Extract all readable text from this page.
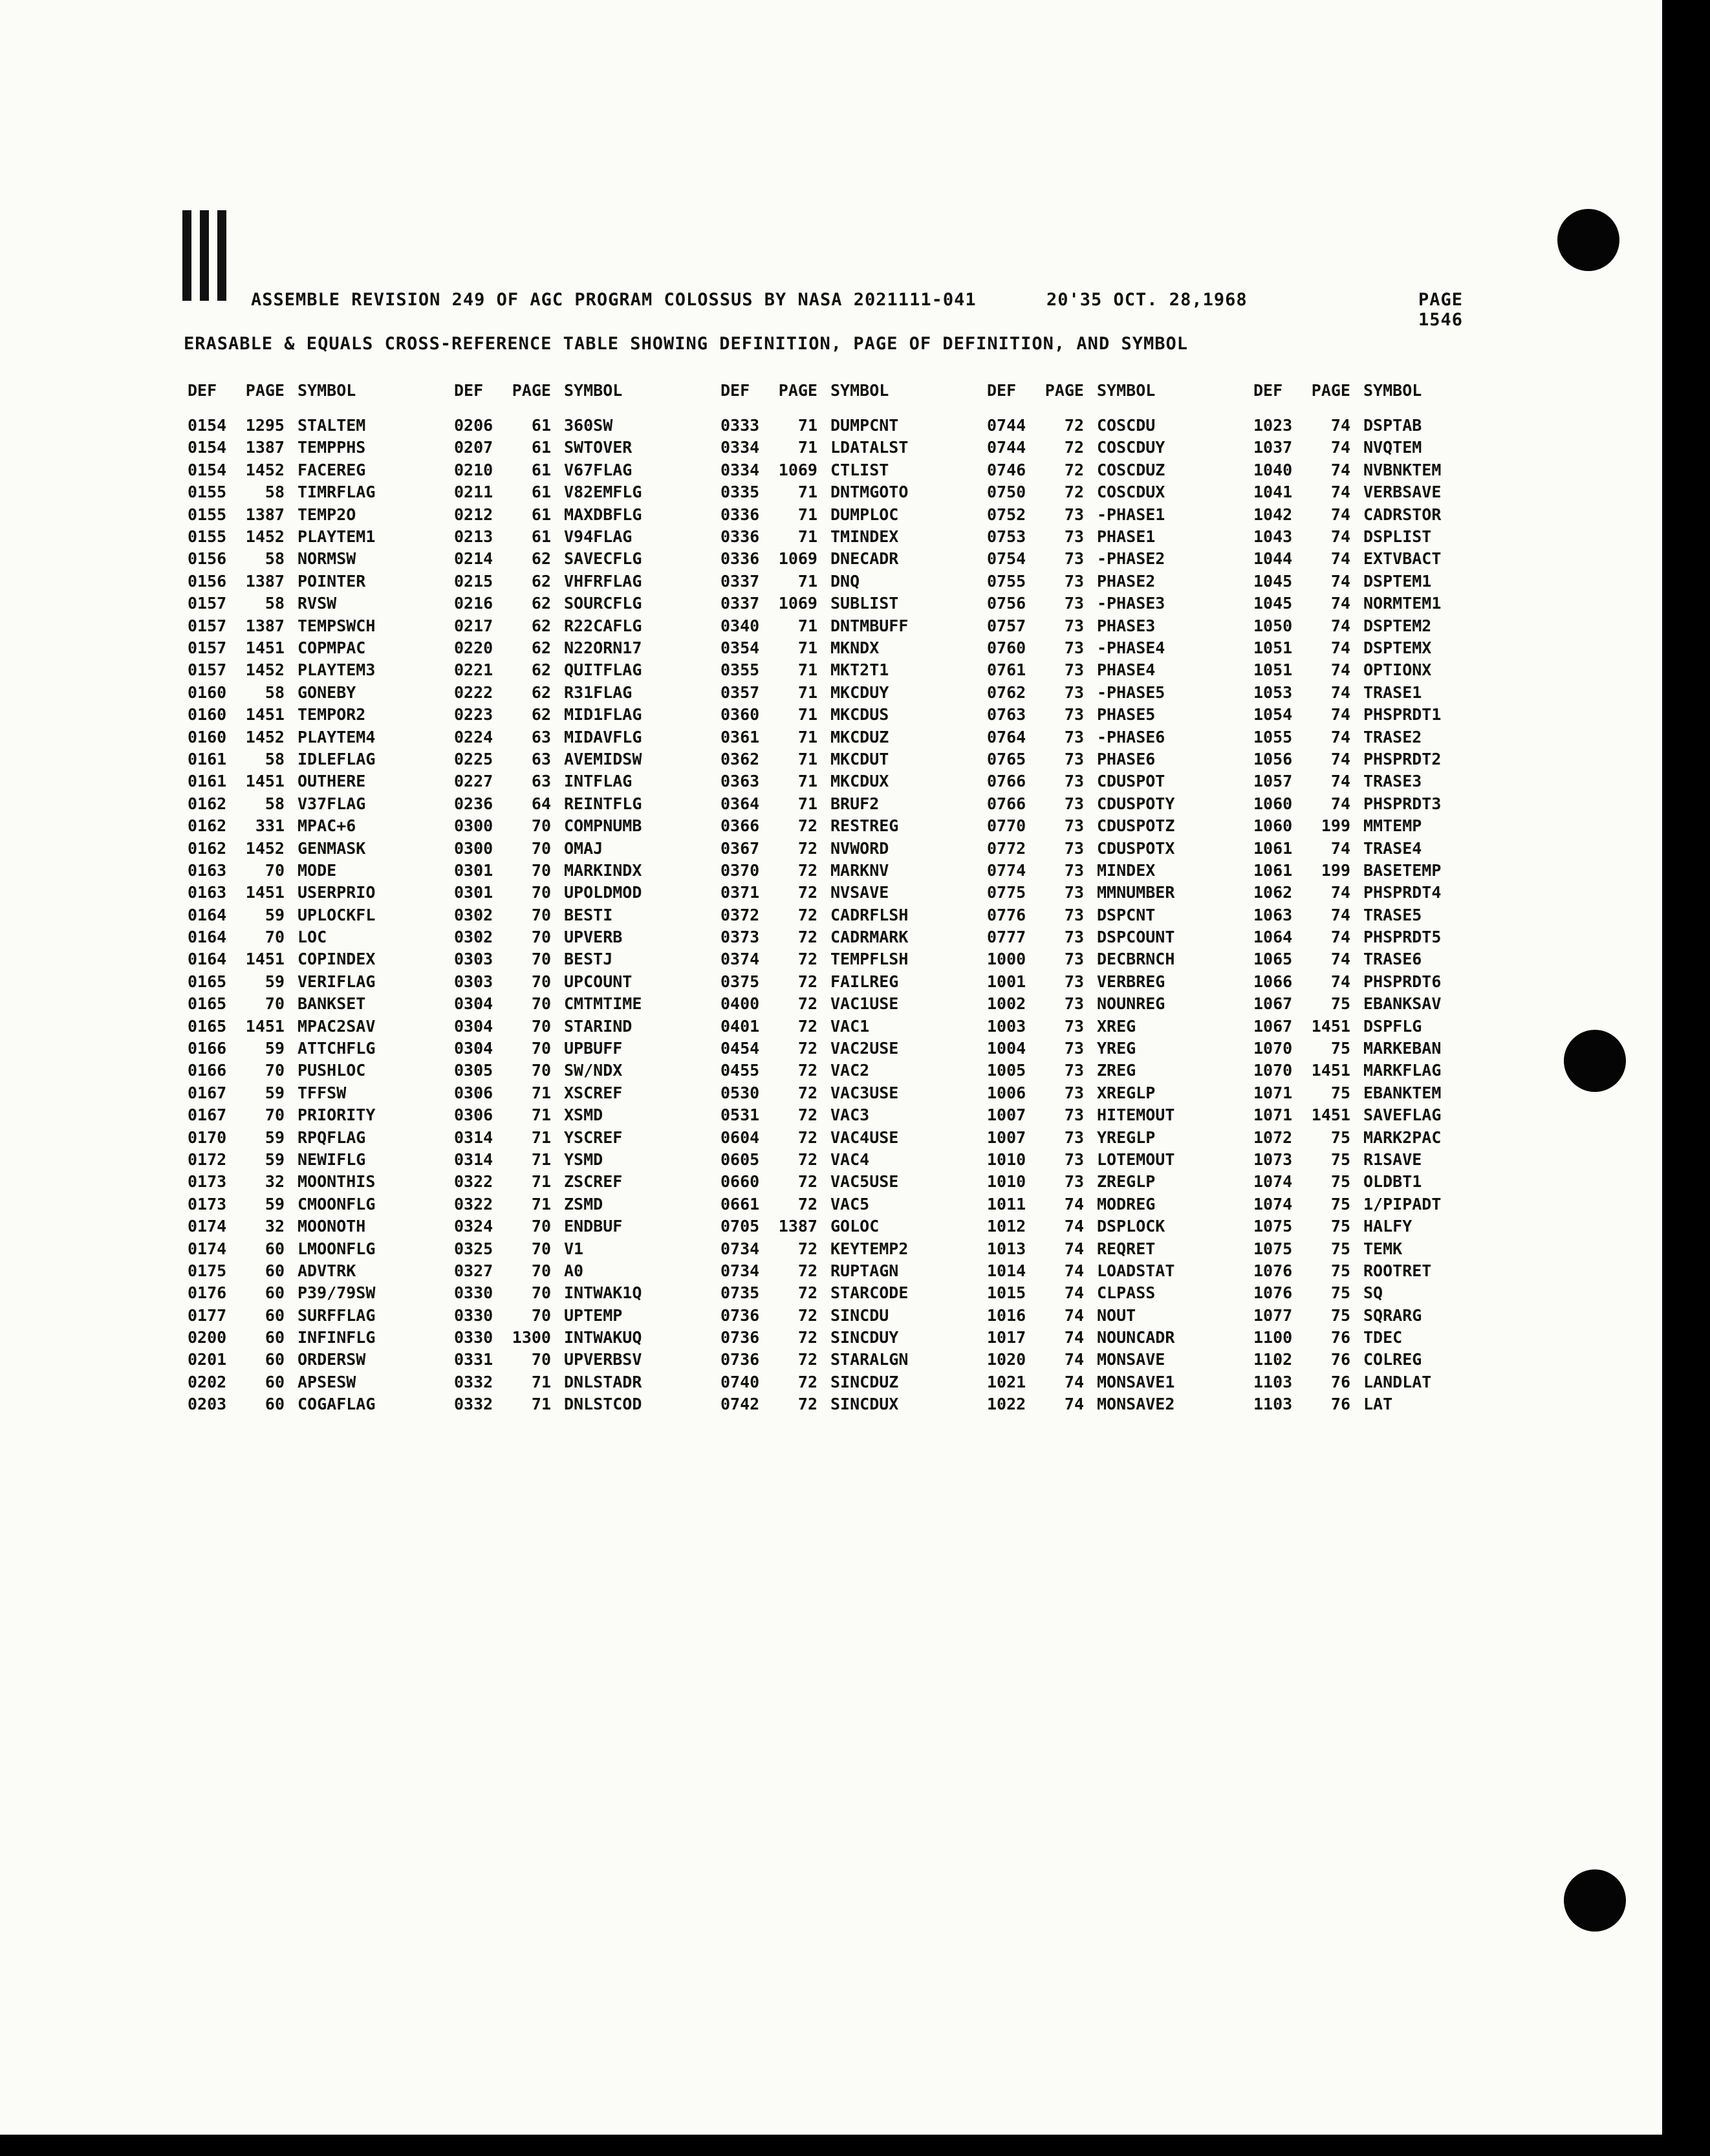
ASSEMBLE REVISION 249 OF AGC PROGRAM COLOSSUS BY NASA 2021111-041	20'35 OCT. 28,1968	PAGE 1546
ERASABLE & EQUALS CROSS-REFERENCE TABLE SHOWING DEFINITION, PAGE OF DEFINITION, AND SYMBOL
DEF	PAGE SYMBOL
0154	1295 STALTEM
0154	1387 TEMPPHS
0154	1452 FACEREG
0155	58 TIMRFLAG
0155	1387 TEMP2O
0155	1452 PLAYTEM1
0156	58 NORMSW
0156	1387 POINTER
0157	58 RVSW
0157	1387 TEMPSWCH
0157	1451 COPMPAC
0157	1452 PLAYTEM3
0160	58 GONEBY
0160	1451 TEMPOR2
0160	1452 PLAYTEM4
0161	58 IDLEFLAG
0161	1451 OUTHERE
0162	58 V37FLAG
0162	331 MPAC+6
0162	1452 GENMASK
0163	70 MODE
0163	1451 USERPRIO
0164	59 UPLOCKFL
0164	70 LOC
0164	1451 COPINDEX
0165	59 VERIFLAG
0165	70 BANKSET
0165	1451 MPAC2SAV
0166	59 ATTCHFLG
0166	70 PUSHLOC
0167	59 TFFSW
0167	70 PRIORITY
0170	59 RPQFLAG
0172	59 NEWIFLG
0173	32 MOONTHIS
0173	59 CMOONFLG
0174	32 MOONOTH
0174	60 LMOONFLG
0175	60 ADVTRK
0176	60 P39/79SW
0177	60 SURFFLAG
0200	60 INFINFLG
0201	60 ORDERSW
0202	60 APSESW
0203	60 COGAFLAG
DEF	PAGE SYMBOL
0206	61 360SW
0207	61 SWTOVER
0210	61 V67FLAG
0211	61 V82EMFLG
0212	61 MAXDBFLG
0213	61 V94FLAG
0214	62 SAVECFLG
0215	62 VHFRFLAG
0216	62 SOURCFLG
0217	62 R22CAFLG
0220	62 N22ORN17
0221	62 QUITFLAG
0222	62 R31FLAG
0223	62 MID1FLAG
0224	63 MIDAVFLG
0225	63 AVEMIDSW
0227	63 INTFLAG
0236	64 REINTFLG
0300	70 COMPNUMB
0300	70 OMAJ
0301	70 MARKINDX
0301	70 UPOLDMOD
0302	70 BESTI
0302	70 UPVERB
0303	70 BESTJ
0303	70 UPCOUNT
0304	70 CMTMTIME
0304	70 STARIND
0304	70 UPBUFF
0305	70 SW/NDX
0306	71 XSCREF
0306	71 XSMD
0314	71 YSCREF
0314	71 YSMD
0322	71 ZSCREF
0322	71 ZSMD
0324	70 ENDBUF
0325	70 V1
0327	70 A0
0330	70 INTWAK1Q
0330	70 UPTEMP
0330	1300 INTWAKUQ
0331	70 UPVERBSV
0332	71 DNLSTADR
0332	71 DNLSTCOD
DEF	PAGE SYMBOL
0333	71 DUMPCNT
0334	71 LDATALST
0334	1069 CTLIST
0335	71 DNTMGOTO
0336	71 DUMPLOC
0336	71 TMINDEX
0336	1069 DNECADR
0337	71 DNQ
0337	1069 SUBLIST
0340	71 DNTMBUFF
0354	71 MKNDX
0355	71 MKT2T1
0357	71 MKCDUY
0360	71 MKCDUS
0361	71 MKCDUZ
0362	71 MKCDUT
0363	71 MKCDUX
0364	71 BRUF2
0366	72 RESTREG
0367	72 NVWORD
0370	72 MARKNV
0371	72 NVSAVE
0372	72 CADRFLSH
0373	72 CADRMARK
0374	72 TEMPFLSH
0375	72 FAILREG
0400	72 VAC1USE
0401	72 VAC1
0454	72 VAC2USE
0455	72 VAC2
0530	72 VAC3USE
0531	72 VAC3
0604	72 VAC4USE
0605	72 VAC4
0660	72 VAC5USE
0661	72 VAC5
0705	1387 GOLOC
0734	72 KEYTEMP2
0734	72 RUPTAGN
0735	72 STARCODE
0736	72 SINCDU
0736	72 SINCDUY
0736	72 STARALGN
0740	72 SINCDUZ
0742	72 SINCDUX
DEF	PAGE SYMBOL
0744	72 COSCDU
0744	72 COSCDUY
0746	72 COSCDUZ
0750	72 COSCDUX
0752	73 -PHASE1
0753	73 PHASE1
0754	73 -PHASE2
0755	73 PHASE2
0756	73 -PHASE3
0757	73 PHASE3
0760	73 -PHASE4
0761	73 PHASE4
0762	73 -PHASE5
0763	73 PHASE5
0764	73 -PHASE6
0765	73 PHASE6
0766	73 CDUSPOT
0766	73 CDUSPOTY
0770	73 CDUSPOTZ
0772	73 CDUSPOTX
0774	73 MINDEX
0775	73 MMNUMBER
0776	73 DSPCNT
0777	73 DSPCOUNT
1000	73 DECBRNCH
1001	73 VERBREG
1002	73 NOUNREG
1003	73 XREG
1004	73 YREG
1005	73 ZREG
1006	73 XREGLP
1007	73 HITEMOUT
1007	73 YREGLP
1010	73 LOTEMOUT
1010	73 ZREGLP
1011	74 MODREG
1012	74 DSPLOCK
1013	74 REQRET
1014	74 LOADSTAT
1015	74 CLPASS
1016	74 NOUT
1017	74 NOUNCADR
1020	74 MONSAVE
1021	74 MONSAVE1
1022	74 MONSAVE2
DEF	PAGE SYMBOL
1023	74 DSPTAB
1037	74 NVQTEM
1040	74 NVBNKTEM
1041	74 VERBSAVE
1042	74 CADRSTOR
1043	74 DSPLIST
1044	74 EXTVBACT
1045	74 DSPTEM1
1045	74 NORMTEM1
1050	74 DSPTEM2
1051	74 DSPTEMX
1051	74 OPTIONX
1053	74 TRASE1
1054	74 PHSPRDT1
1055	74 TRASE2
1056	74 PHSPRDT2
1057	74 TRASE3
1060	74 PHSPRDT3
1060	199 MMTEMP
1061	74 TRASE4
1061	199 BASETEMP
1062	74 PHSPRDT4
1063	74 TRASE5
1064	74 PHSPRDT5
1065	74 TRASE6
1066	74 PHSPRDT6
1067	75 EBANKSAV
1067	1451 DSPFLG
1070	75 MARKEBAN
1070	1451 MARKFLAG
1071	75 EBANKTEM
1071	1451 SAVEFLAG
1072	75 MARK2PAC
1073	75 R1SAVE
1074	75 OLDBT1
1074	75 1/PIPADT
1075	75 HALFY
1075	75 TEMK
1076	75 ROOTRET
1076	75 SQ
1077	75 SQRARG
1100	76 TDEC
1102	76 COLREG
1103	76 LANDLAT
1103	76 LAT
